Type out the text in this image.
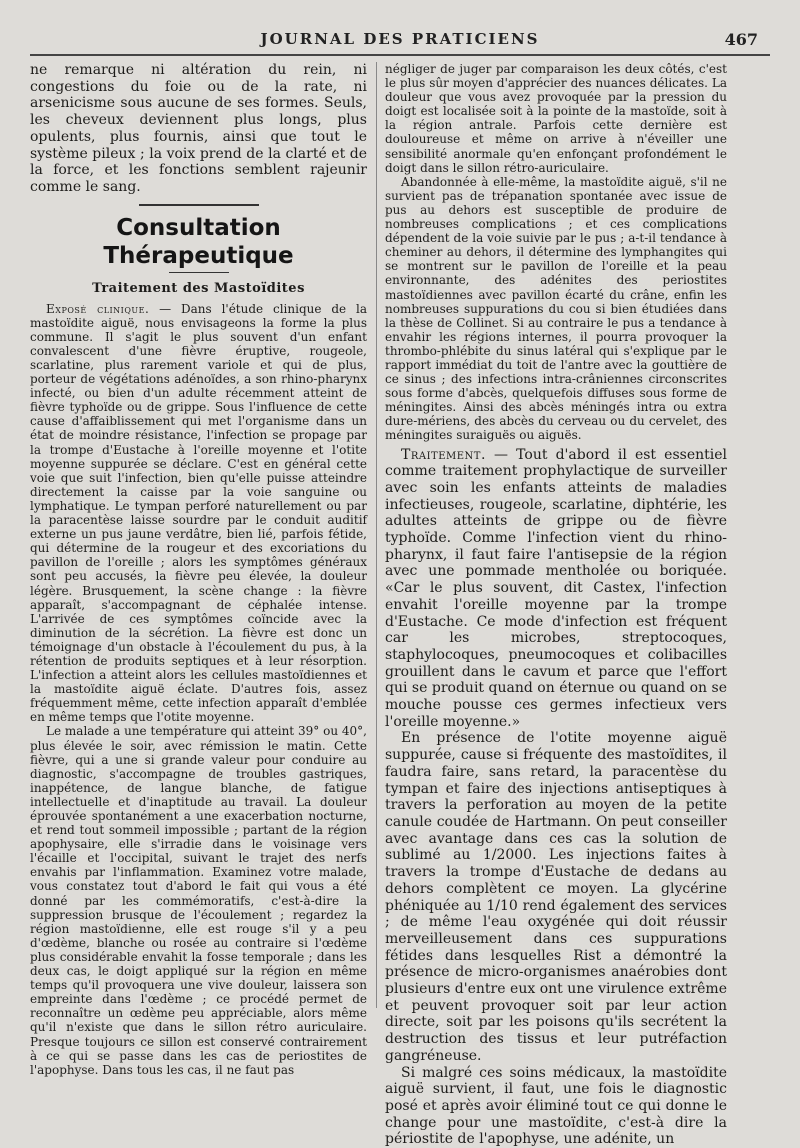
JOURNAL DES PRATICIENS	467

ne remarque ni altération du rein, ni congestions du foie ou de la rate, ni arsenicisme sous aucune de ses formes. Seuls, les cheveux deviennent plus longs, plus opulents, plus fournis, ainsi que tout le système pileux ; la voix prend de la clarté et de la force, et les fonctions semblent rajeunir comme le sang.

Consultation Thérapeutique
Traitement des Mastoïdites

Exposé clinique. — Dans l'étude clinique de la mastoïdite aiguë, nous envisageons la forme la plus commune. Il s'agit le plus souvent d'un enfant convalescent d'une fièvre éruptive, rougeole, scarlatine, plus rarement variole et qui de plus, porteur de végétations adénoïdes, a son rhino-pharynx infecté, ou bien d'un adulte récemment atteint de fièvre typhoïde ou de grippe. Sous l'influence de cette cause d'affaiblissement qui met l'organisme dans un état de moindre résistance, l'infection se propage par la trompe d'Eustache à l'oreille moyenne et l'otite moyenne suppurée se déclare. C'est en général cette voie que suit l'infection, bien qu'elle puisse atteindre directement la caisse par la voie sanguine ou lymphatique. Le tympan perforé naturellement ou par la paracentèse laisse sourdre par le conduit auditif externe un pus jaune verdâtre, bien lié, parfois fétide, qui détermine de la rougeur et des excoriations du pavillon de l'oreille ; alors les symptômes généraux sont peu accusés, la fièvre peu élevée, la douleur légère. Brusquement, la scène change : la fièvre apparaît, s'accompagnant de céphalée intense. L'arrivée de ces symptômes coïncide avec la diminution de la sécrétion. La fièvre est donc un témoignage d'un obstacle à l'écoulement du pus, à la rétention de produits septiques et à leur résorption. L'infection a atteint alors les cellules mastoïdiennes et la mastoïdite aiguë éclate. D'autres fois, assez fréquemment même, cette infection apparaît d'emblée en même temps que l'otite moyenne.

Le malade a une température qui atteint 39° ou 40°, plus élevée le soir, avec rémission le matin. Cette fièvre, qui a une si grande valeur pour conduire au diagnostic, s'accompagne de troubles gastriques, inappétence, de langue blanche, de fatigue intellectuelle et d'inaptitude au travail. La douleur éprouvée spontanément a une exacerbation nocturne, et rend tout sommeil impossible ; partant de la région apophysaire, elle s'irradie dans le voisinage vers l'écaille et l'occipital, suivant le trajet des nerfs envahis par l'inflammation. Examinez votre malade, vous constatez tout d'abord le fait qui vous a été donné par les commémoratifs, c'est-à-dire la suppression brusque de l'écoulement ; regardez la région mastoïdienne, elle est rouge s'il y a peu d'œdème, blanche ou rosée au contraire si l'œdème plus considérable envahit la fosse temporale ; dans les deux cas, le doigt appliqué sur la région en même temps qu'il provoquera une vive douleur, laissera son empreinte dans l'œdème ; ce procédé permet de reconnaître un œdème peu appréciable, alors même qu'il n'existe que dans le sillon rétro auriculaire. Presque toujours ce sillon est conservé contrairement à ce qui se passe dans les cas de periostites de l'apophyse. Dans tous les cas, il ne faut pas

négliger de juger par comparaison les deux côtés, c'est le plus sûr moyen d'apprécier des nuances délicates. La douleur que vous avez provoquée par la pression du doigt est localisée soit à la pointe de la mastoïde, soit à la région antrale. Parfois cette dernière est douloureuse et même on arrive à n'éveiller une sensibilité anormale qu'en enfonçant profondément le doigt dans le sillon rétro-auriculaire.

Abandonnée à elle-même, la mastoïdite aiguë, s'il ne survient pas de trépanation spontanée avec issue de pus au dehors est susceptible de produire de nombreuses complications ; et ces complications dépendent de la voie suivie par le pus ; a-t-il tendance à cheminer au dehors, il détermine des lymphangites qui se montrent sur le pavillon de l'oreille et la peau environnante, des adénites des periostites mastoïdiennes avec pavillon écarté du crâne, enfin les nombreuses suppurations du cou si bien étudiées dans la thèse de Collinet. Si au contraire le pus a tendance à envahir les régions internes, il pourra provoquer la thrombo-phlébite du sinus latéral qui s'explique par le rapport immédiat du toit de l'antre avec la gouttière de ce sinus ; des infections intra-crâniennes circonscrites sous forme d'abcès, quelquefois diffuses sous forme de méningites. Ainsi des abcès méningés intra ou extra dure-mériens, des abcès du cerveau ou du cervelet, des méningites suraiguës ou aiguës.

Traitement. — Tout d'abord il est essentiel comme traitement prophylactique de surveiller avec soin les enfants atteints de maladies infectieuses, rougeole, scarlatine, diphtérie, les adultes atteints de grippe ou de fièvre typhoïde. Comme l'infection vient du rhino-pharynx, il faut faire l'antisepsie de la région avec une pommade mentholée ou boriquée. «Car le plus souvent, dit Castex, l'infection envahit l'oreille moyenne par la trompe d'Eustache. Ce mode d'infection est fréquent car les microbes, streptocoques, staphylocoques, pneumocoques et colibacilles grouillent dans le cavum et parce que l'effort qui se produit quand on éternue ou quand on se mouche pousse ces germes infectieux vers l'oreille moyenne.»

En présence de l'otite moyenne aiguë suppurée, cause si fréquente des mastoïdites, il faudra faire, sans retard, la paracentèse du tympan et faire des injections antiseptiques à travers la perforation au moyen de la petite canule coudée de Hartmann. On peut conseiller avec avantage dans ces cas la solution de sublimé au 1/2000. Les injections faites à travers la trompe d'Eustache de dedans au dehors complètent ce moyen. La glycérine phéniquée au 1/10 rend également des services ; de même l'eau oxygénée qui doit réussir merveilleusement dans ces suppurations fétides dans lesquelles Rist a démontré la présence de micro-organismes anaérobies dont plusieurs d'entre eux ont une virulence extrême et peuvent provoquer soit par leur action directe, soit par les poisons qu'ils secrétent la destruction des tissus et leur putréfaction gangréneuse.

Si malgré ces soins médicaux, la mastoïdite aiguë survient, il faut, une fois le diagnostic posé et après avoir éliminé tout ce qui donne le change pour une mastoïdite, c'est-à dire la périostite de l'apophyse, une adénite, un
